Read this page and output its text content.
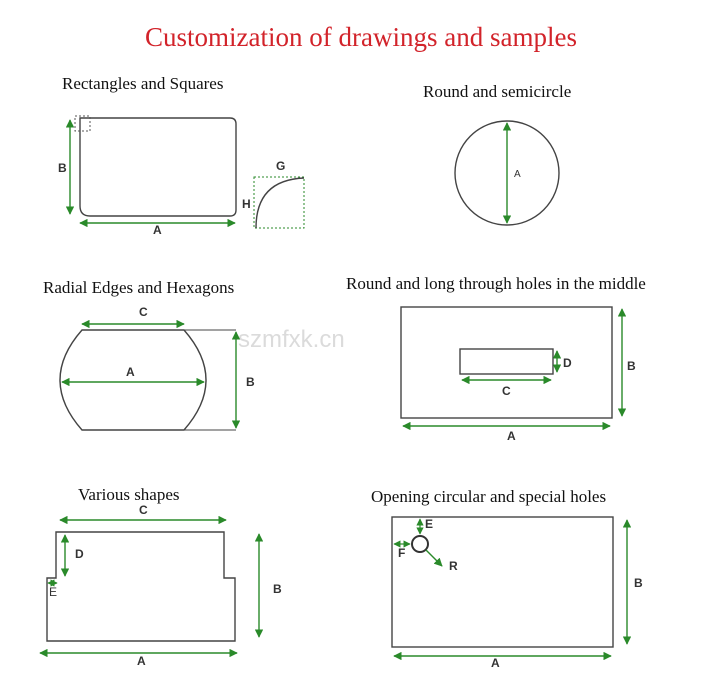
Customization of drawings and samples
Rectangles and Squares	Round and semicircle
Radial Edges and Hexagons	Round and long through holes in the middle
Various shapes	Opening circular and special holes
szmfxk.cn
B
A
G
H
A
C
A
B
D
C
B
A
C
D
E	B
A
E
F
R
B
A
